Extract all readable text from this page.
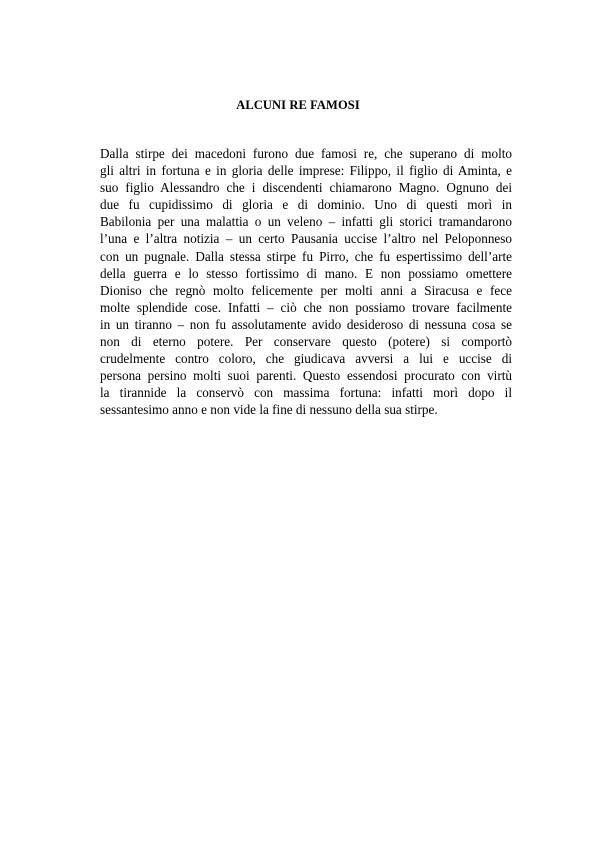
ALCUNI RE FAMOSI
Dalla stirpe dei macedoni furono due famosi re, che superano di molto
gli altri in fortuna e in gloria delle imprese: Filippo, il figlio di Aminta, e
suo figlio Alessandro che i discendenti chiamarono Magno. Ognuno dei
due fu cupidissimo di gloria e di dominio. Uno di questi morì in
Babilonia per una malattia o un veleno – infatti gli storici tramandarono
l’una e l’altra notizia – un certo Pausania uccise l’altro nel Peloponneso
con un pugnale. Dalla stessa stirpe fu Pirro, che fu espertissimo dell’arte
della guerra e lo stesso fortissimo di mano. E non possiamo omettere
Dioniso che regnò molto felicemente per molti anni a Siracusa e fece
molte splendide cose. Infatti – ciò che non possiamo trovare facilmente
in un tiranno – non fu assolutamente avido desideroso di nessuna cosa se
non di eterno potere. Per conservare questo (potere) si comportò
crudelmente contro coloro, che giudicava avversi a lui e uccise di
persona persino molti suoi parenti. Questo essendosi procurato con virtù
la tirannide la conservò con massima fortuna: infatti morì dopo il
sessantesimo anno e non vide la fine di nessuno della sua stirpe.
